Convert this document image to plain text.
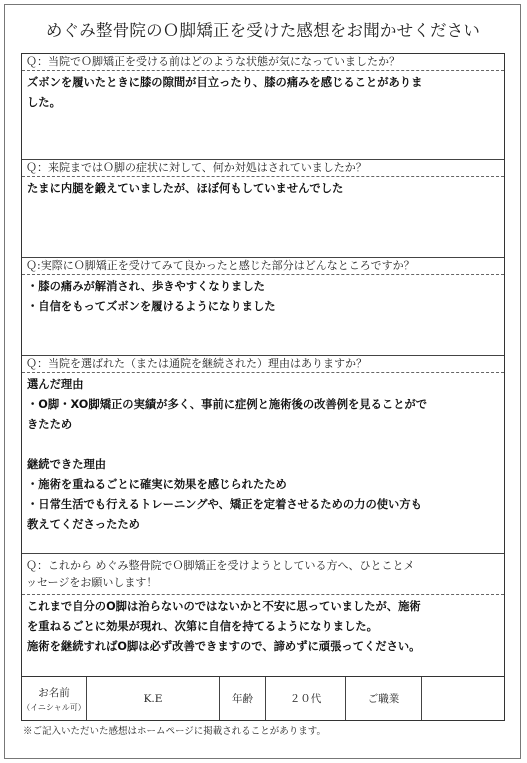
めぐみ整骨院のＯ脚矯正を受けた感想をお聞かせください
Ｑ：当院でＯ脚矯正を受ける前はどのような状態が気になっていましたか？
ズボンを履いたときに膝の隙間が目立ったり、膝の痛みを感じることがありま
した。
Ｑ：来院まではＯ脚の症状に対して、何か対処はされていましたか？
たまに内腿を鍛えていましたが、ほぼ何もしていませんでした
Ｑ:実際にＯ脚矯正を受けてみて良かったと感じた部分はどんなところですか？
・膝の痛みが解消され、歩きやすくなりました
・自信をもってズボンを履けるようになりました
Ｑ：当院を選ばれた（または通院を継続された）理由はありますか？
選んだ理由
・O脚・XO脚矯正の実績が多く、事前に症例と施術後の改善例を見ることがで
きたため
継続できた理由
・施術を重ねるごとに確実に効果を感じられたため
・日常生活でも行えるトレーニングや、矯正を定着させるための力の使い方も
教えてくださったため
Ｑ：これから めぐみ整骨院でＯ脚矯正を受けようとしている方へ、ひとことメ
ッセージをお願いします！
これまで自分のO脚は治らないのではないかと不安に思っていましたが、施術
を重ねるごとに効果が現れ、次第に自信を持てるようになりました。
施術を継続すればO脚は必ず改善できますので、諦めずに頑張ってください。
お名前
（イニシャル可）
K.E	年齢	２０代	ご職業
※ご記入いただいた感想はホームページに掲載されることがあります。
